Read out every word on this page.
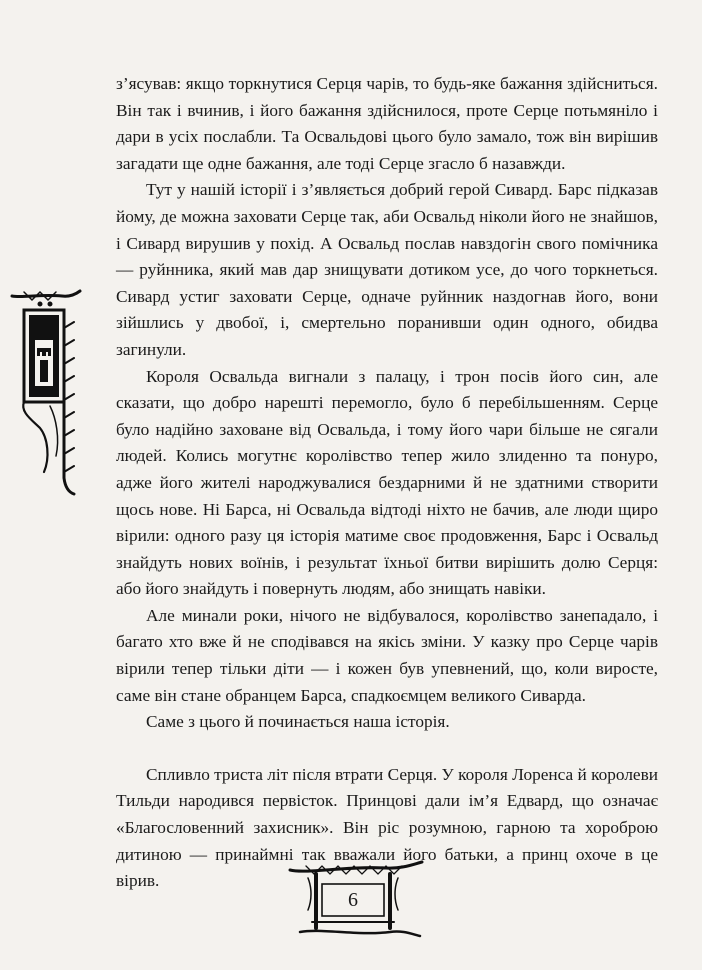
з’ясував: якщо торкнутися Серця чарів, то будь-яке бажання здійсниться. Він так і вчинив, і його бажання здійснилося, проте Серце потьмяніло і дари в усіх послабли. Та Освальдові цього було замало, тож він вирішив загадати ще одне бажання, але тоді Серце згасло б назавжди.

Тут у нашій історії і з’являється добрий герой Сивард. Барс підказав йому, де можна заховати Серце так, аби Освальд ніколи його не знайшов, і Сивард вирушив у похід. А Освальд послав навздогін свого помічника — руйнника, який мав дар знищувати дотиком усе, до чого торкнеться. Сивард устиг заховати Серце, одначе руйнник наздогнав його, вони зійшлись у двобої, і, смертельно поранивши один одного, обидва загинули.

Короля Освальда вигнали з палацу, і трон посів його син, але сказати, що добро нарешті перемогло, було б перебільшенням. Серце було надійно заховане від Освальда, і тому його чари більше не сягали людей. Колись могутнє королівство тепер жило злиденно та понуро, адже його жителі народжувалися бездарними й не здатними створити щось нове. Ні Барса, ні Освальда відтоді ніхто не бачив, але люди щиро вірили: одного разу ця історія матиме своє продовження, Барс і Освальд знайдуть нових воїнів, і результат їхньої битви вирішить долю Серця: або його знайдуть і повернуть людям, або знищать навіки.

Але минали роки, нічого не відбувалося, королівство занепадало, і багато хто вже й не сподівався на якісь зміни. У казку про Серце чарів вірили тепер тільки діти — і кожен був упевнений, що, коли виросте, саме він стане обранцем Барса, спадкоємцем великого Сиварда.

Саме з цього й починається наша історія.

Спливло триста літ після втрати Серця. У короля Лоренса й королеви Тильди народився первісток. Принцові дали ім’я Едвард, що означає «Благословенний захисник». Він ріс розумною, гарною та хороброю дитиною — принаймні так вважали його батьки, а принц охоче в це вірив.

6
